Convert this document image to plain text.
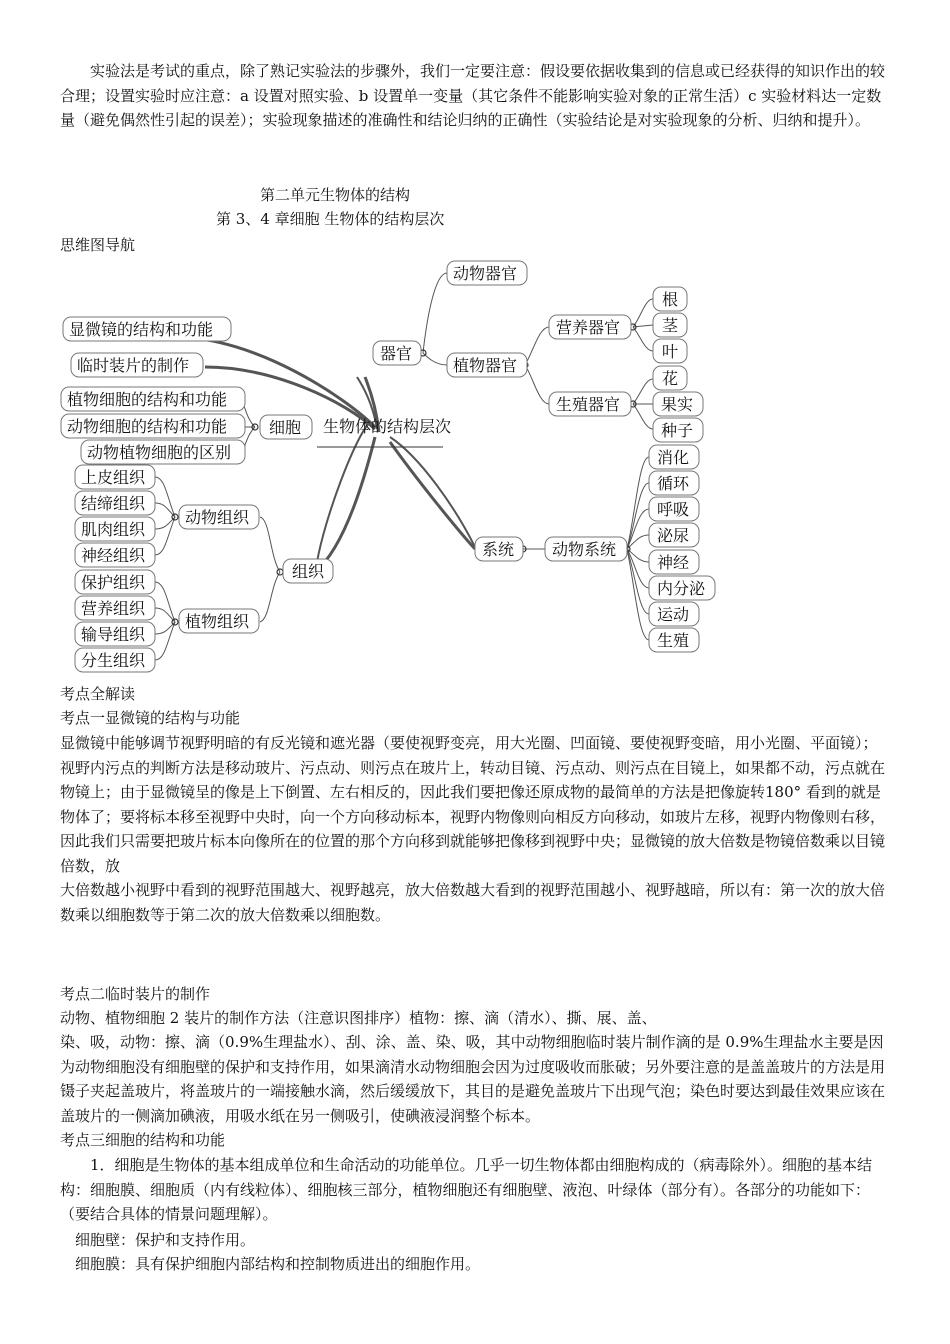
实验法是考试的重点，除了熟记实验法的步骤外，我们一定要注意：假设要依据收集到的信息或已经获得的知识作出的较合理；设置实验时应注意：a 设置对照实验、b 设置单一变量（其它条件不能影响实验对象的正常生活）c 实验材料达一定数量（避免偶然性引起的误差）；实验现象描述的准确性和结论归纳的正确性（实验结论是对实验现象的分析、归纳和提升）。

第二单元生物体的结构
第 3、4 章细胞 生物体的结构层次
思维图导航
生物体的结构层次
显微镜的结构和功能
临时装片的制作
细胞
植物细胞的结构和功能
动物细胞的结构和功能
动物植物细胞的区别
组织
动物组织
植物组织
上皮组织
结缔组织
肌肉组织
神经组织
保护组织
营养组织
输导组织
分生组织
器官
动物器官
植物器官
营养器官
生殖器官
根
茎
叶
花
果实
种子
系统 动物系统
消化
循环
呼吸
泌尿
神经
内分泌
运动
生殖
考点全解读
考点一显微镜的结构与功能

显微镜中能够调节视野明暗的有反光镜和遮光器（要使视野变亮，用大光圈、凹面镜、要使视野变暗，用小光圈、平面镜）；视野内污点的判断方法是移动玻片、污点动、则污点在玻片上，转动目镜、污点动、则污点在目镜上，如果都不动，污点就在物镜上；由于显微镜呈的像是上下倒置、左右相反的，因此我们要把像还原成物的最简单的方法是把像旋转180° 看到的就是物体了；要将标本移至视野中央时，向一个方向移动标本，视野内物像则向相反方向移动，如玻片左移，视野内物像则右移，因此我们只需要把玻片标本向像所在的位置的那个方向移到就能够把像移到视野中央；显微镜的放大倍数是物镜倍数乘以目镜倍数，放

大倍数越小视野中看到的视野范围越大、视野越亮，放大倍数越大看到的视野范围越小、视野越暗，所以有：第一次的放大倍数乘以细胞数等于第二次的放大倍数乘以细胞数。

考点二临时装片的制作
动物、植物细胞 2 装片的制作方法（注意识图排序）植物：擦、滴（清水）、撕、展、盖、

染、吸，动物：擦、滴（0.9%生理盐水）、刮、涂、盖、染、吸，其中动物细胞临时装片制作滴的是 0.9%生理盐水主要是因为动物细胞没有细胞壁的保护和支持作用，如果滴清水动物细胞会因为过度吸收而胀破；另外要注意的是盖盖玻片的方法是用镊子夹起盖玻片，将盖玻片的一端接触水滴，然后缓缓放下，其目的是避免盖玻片下出现气泡；染色时要达到最佳效果应该在盖玻片的一侧滴加碘液，用吸水纸在另一侧吸引，使碘液浸润整个标本。

考点三细胞的结构和功能

1．细胞是生物体的基本组成单位和生命活动的功能单位。几乎一切生物体都由细胞构成的（病毒除外）。细胞的基本结构：细胞膜、细胞质（内有线粒体）、细胞核三部分，植物细胞还有细胞壁、液泡、叶绿体（部分有）。各部分的功能如下：（要结合具体的情景问题理解）。

细胞壁：保护和支持作用。
细胞膜：具有保护细胞内部结构和控制物质进出的细胞作用。
